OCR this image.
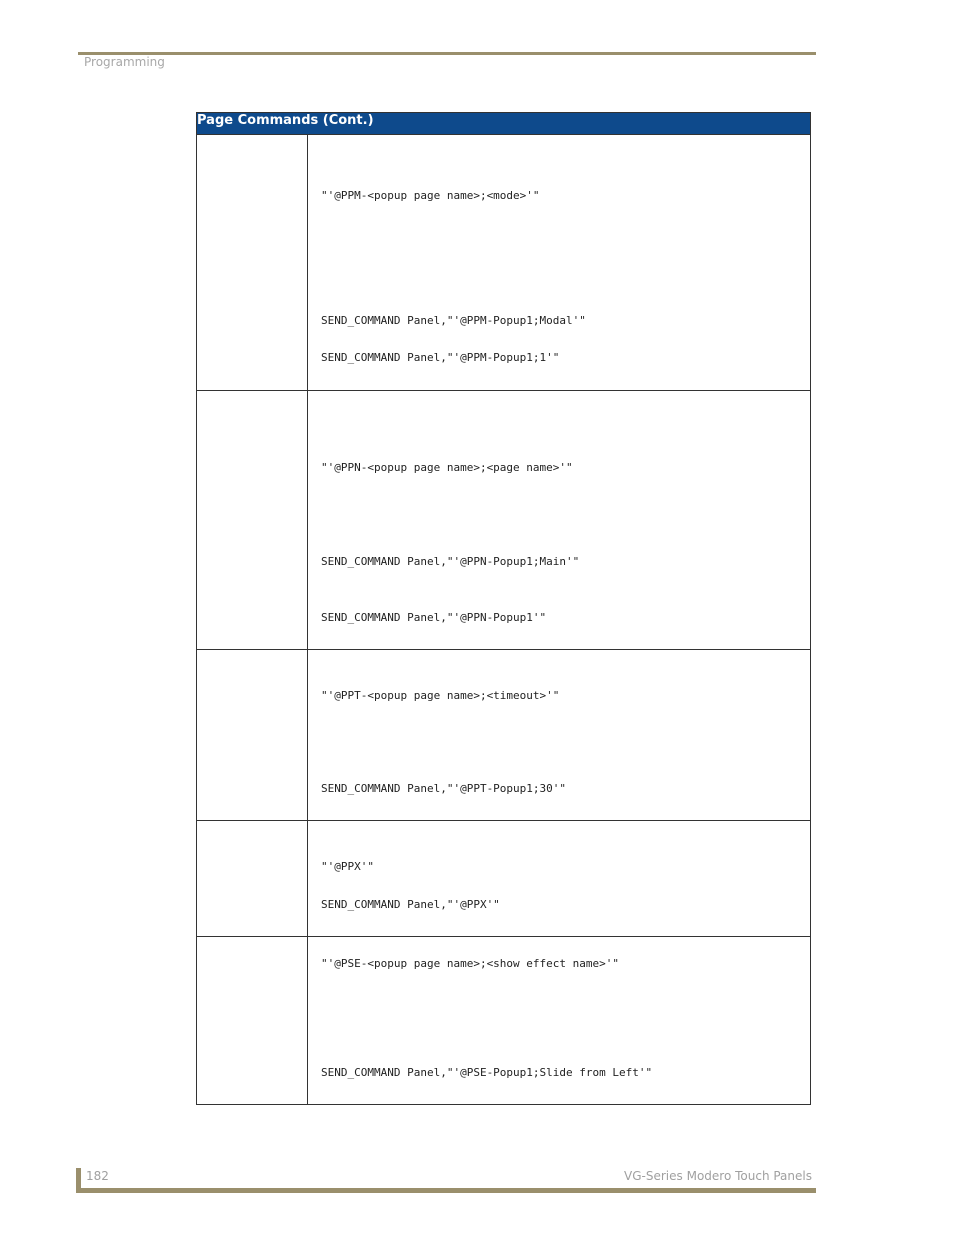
Programming
Page Commands (Cont.)	

	"'@PPM-<popup page name>;<mode>'"
SEND_COMMAND Panel,"'@PPM-Popup1;Modal'"
SEND_COMMAND Panel,"'@PPM-Popup1;1'"

	"'@PPN-<popup page name>;<page name>'"
SEND_COMMAND Panel,"'@PPN-Popup1;Main'"
SEND_COMMAND Panel,"'@PPN-Popup1'"

	"'@PPT-<popup page name>;<timeout>'"
SEND_COMMAND Panel,"'@PPT-Popup1;30'"

	"'@PPX'"
SEND_COMMAND Panel,"'@PPX'"

	"'@PSE-<popup page name>;<show effect name>'"
SEND_COMMAND Panel,"'@PSE-Popup1;Slide from Left'"
182	VG-Series Modero Touch Panels
